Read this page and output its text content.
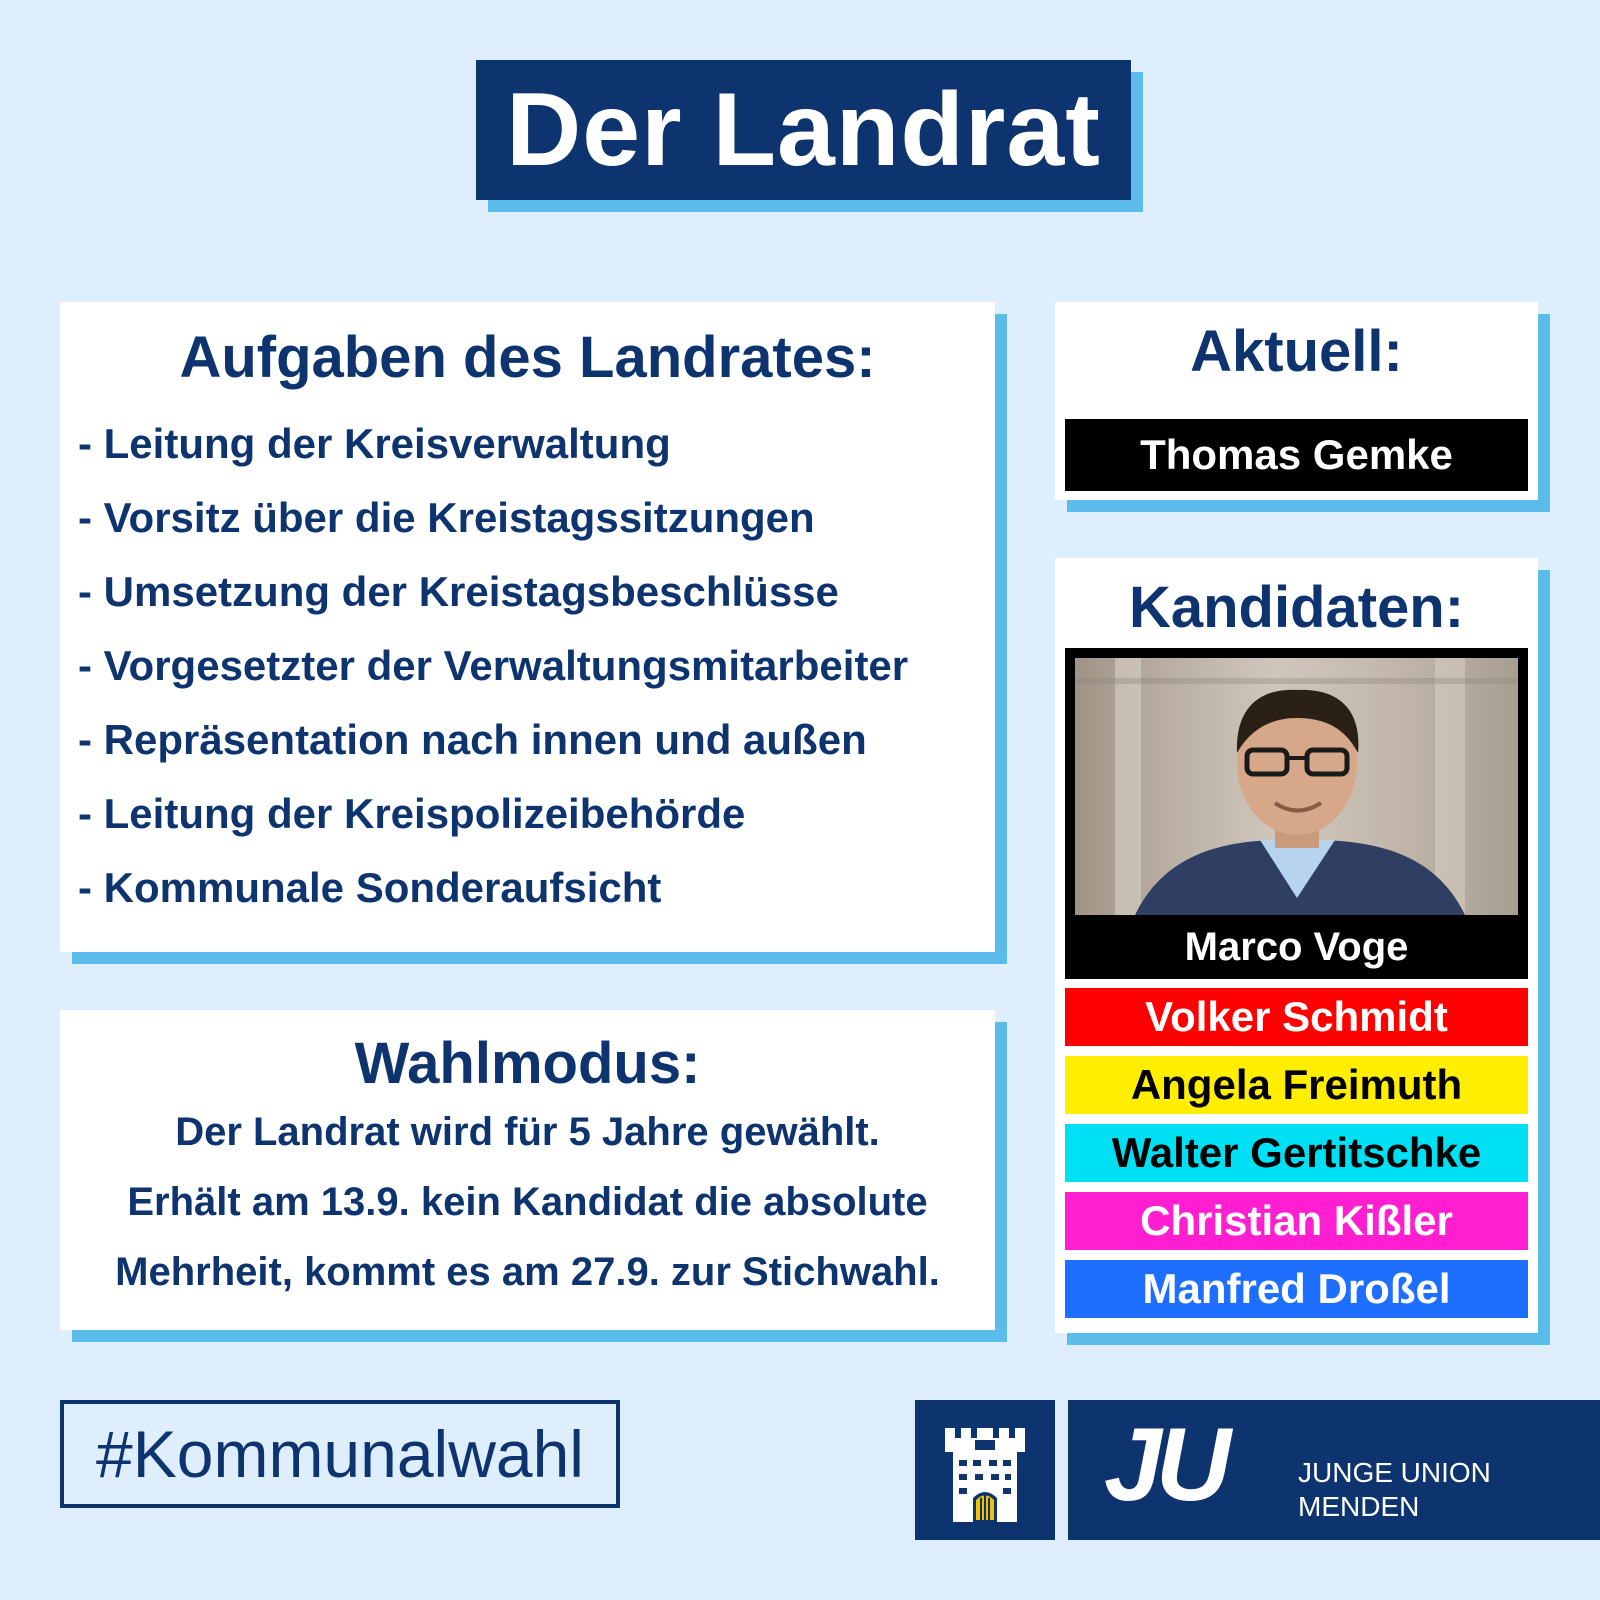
Der Landrat
Aufgaben des Landrates:
- Leitung der Kreisverwaltung
- Vorsitz über die Kreistagssitzungen
- Umsetzung der Kreistagsbeschlüsse
- Vorgesetzter der Verwaltungsmitarbeiter
- Repräsentation nach innen und außen
- Leitung der Kreispolizeibehörde
- Kommunale Sonderaufsicht
Wahlmodus:
Der Landrat wird für 5 Jahre gewählt.
Erhält am 13.9. kein Kandidat die absolute
Mehrheit, kommt es am 27.9. zur Stichwahl.
Aktuell:
Thomas Gemke
Kandidaten:
Marco Voge
Volker Schmidt
Angela Freimuth
Walter Gertitschke
Christian Kißler
Manfred Droßel
#Kommunalwahl	JU	JUNGE UNION
MENDEN
